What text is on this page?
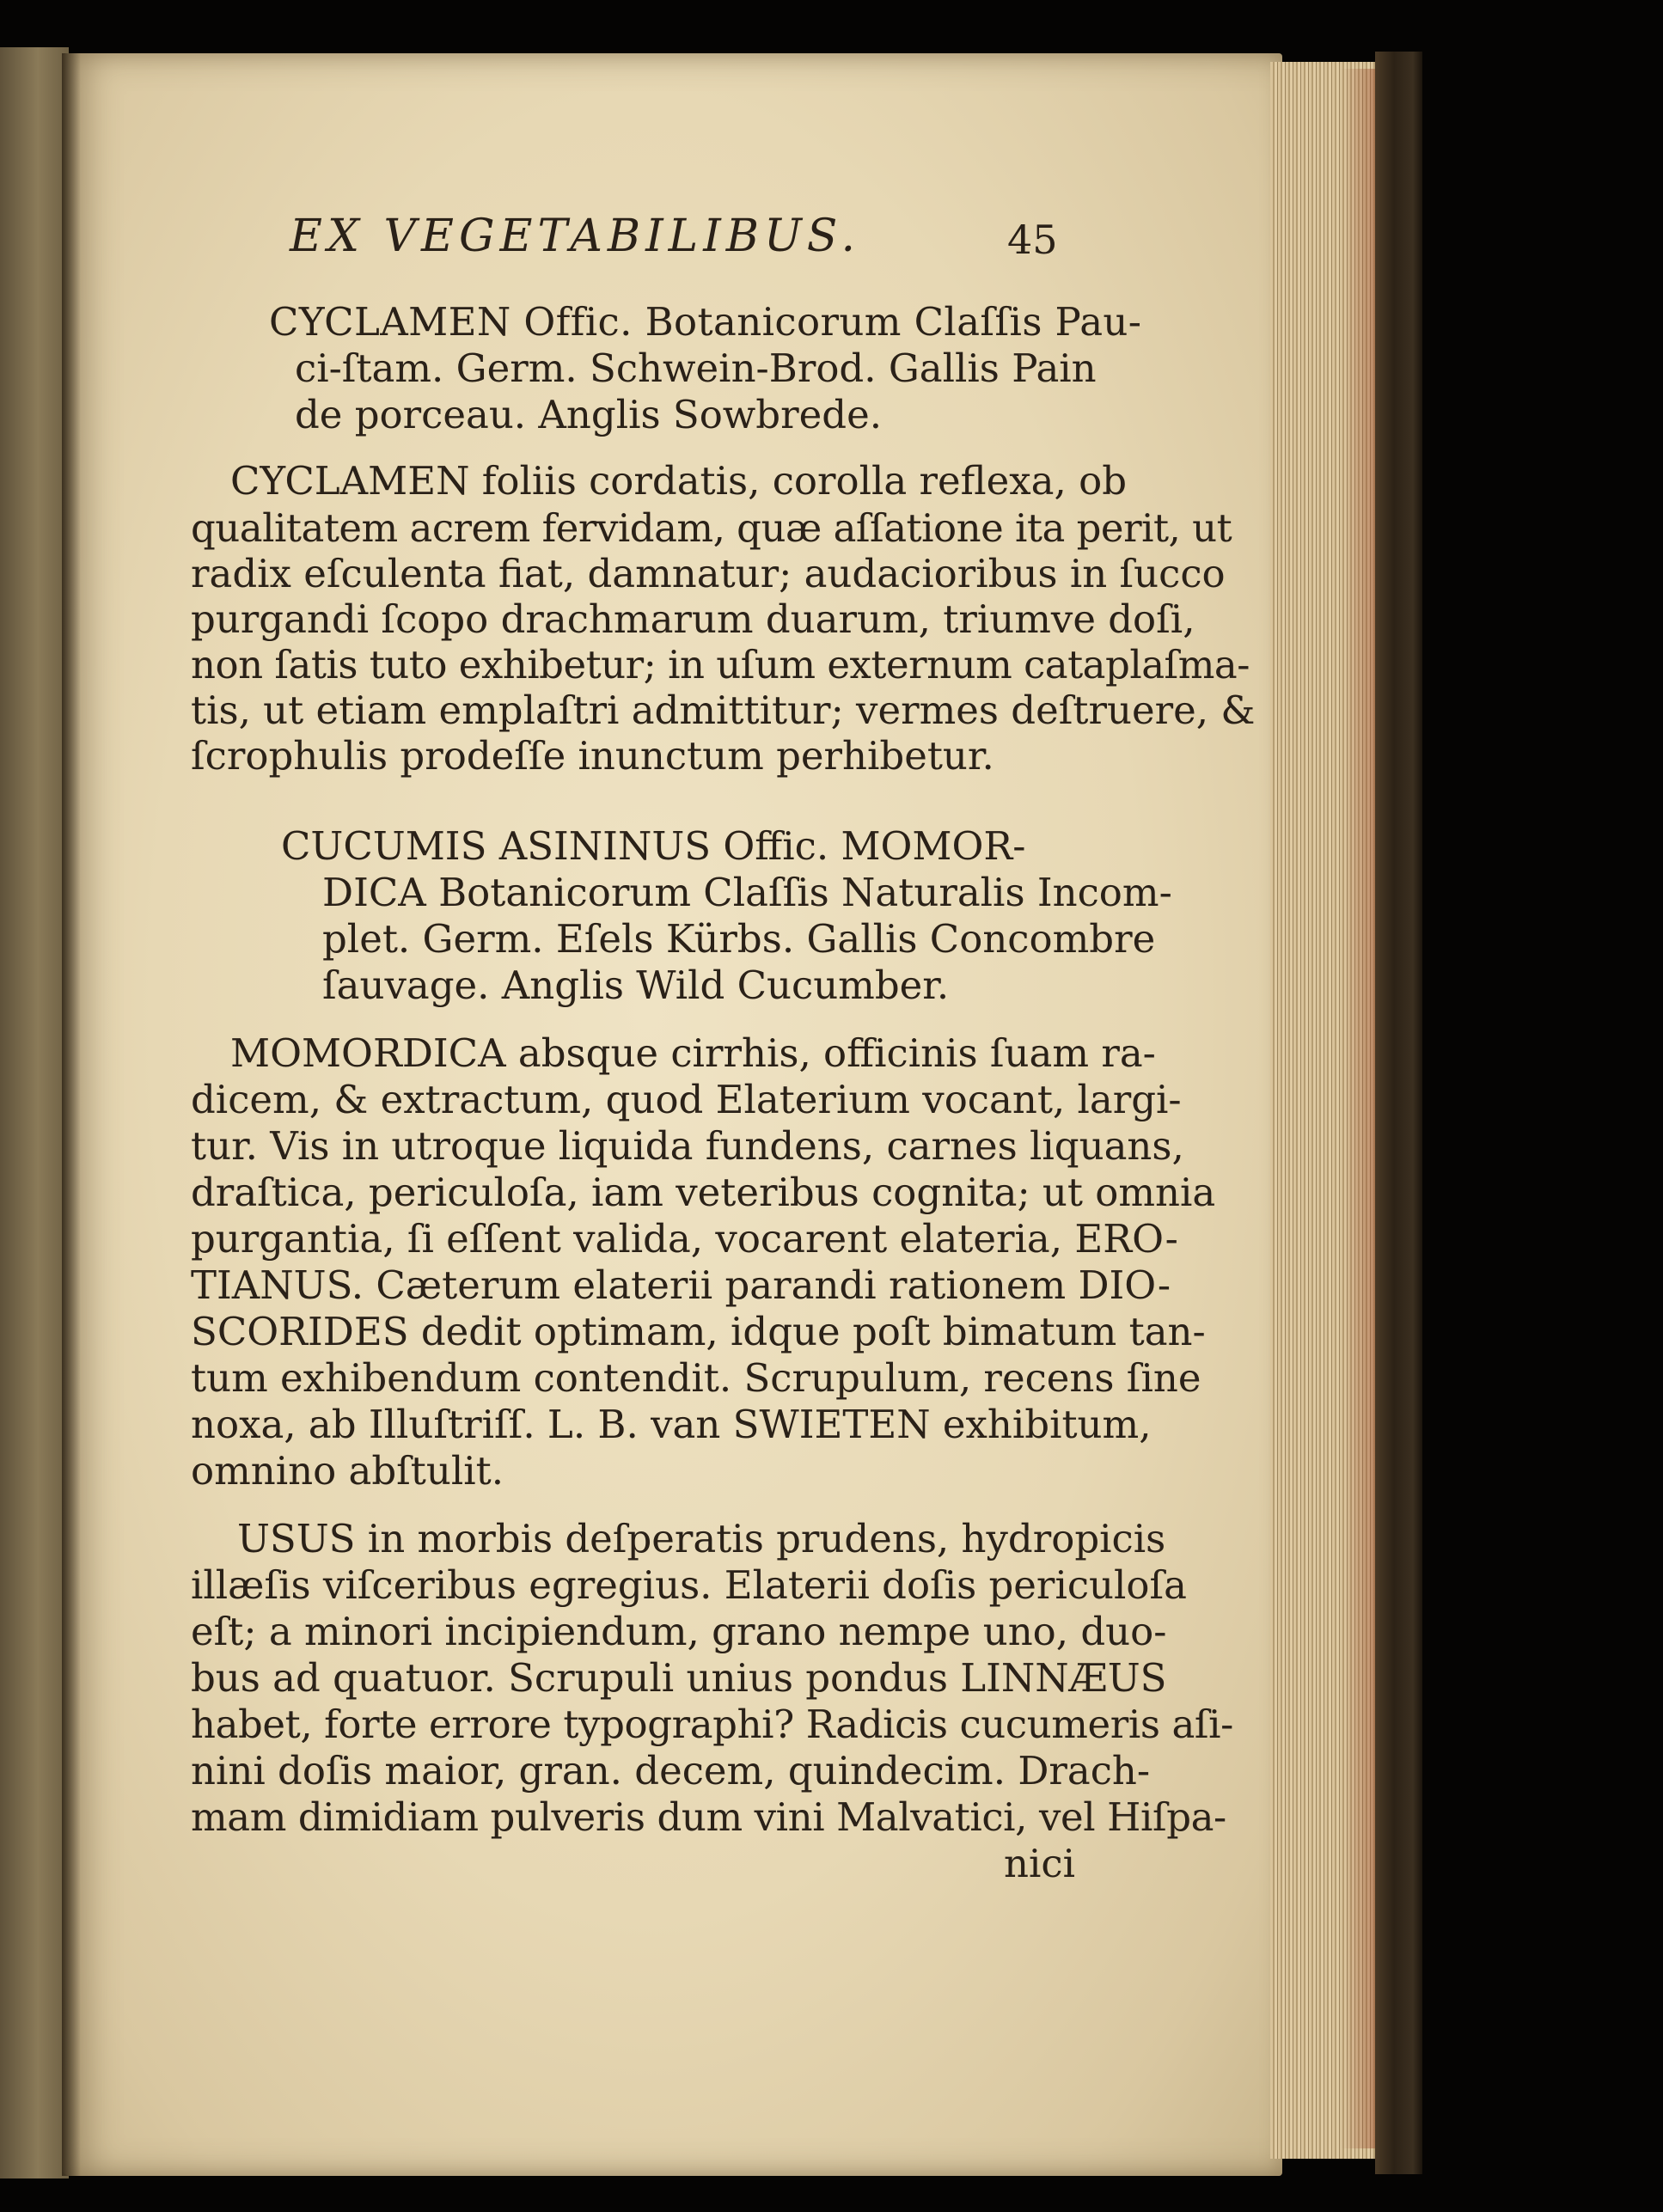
EX VEGETABILIBUS.	45
CYCLAMEN Offic. Botanicorum Claſſis Pau-
ci-ſtam. Germ. Schwein-Brod. Gallis Pain
de porceau. Anglis Sowbrede.
CYCLAMEN foliis cordatis, corolla reflexa, ob
qualitatem acrem fervidam, quæ aſſatione ita perit, ut
radix eſculenta fiat, damnatur; audacioribus in ſucco
purgandi ſcopo drachmarum duarum, triumve doſi,
non ſatis tuto exhibetur; in uſum externum cataplaſma-
tis, ut etiam emplaſtri admittitur; vermes deſtruere, &
ſcrophulis prodeſſe inunctum perhibetur.
CUCUMIS ASININUS Offic. MOMOR-
DICA Botanicorum Claſſis Naturalis Incom-
plet. Germ. Eſels Kürbs. Gallis Concombre
ſauvage. Anglis Wild Cucumber.
MOMORDICA absque cirrhis, officinis ſuam ra-
dicem, & extractum, quod Elaterium vocant, largi-
tur. Vis in utroque liquida fundens, carnes liquans,
draſtica, periculoſa, iam veteribus cognita; ut omnia
purgantia, ſi eſſent valida, vocarent elateria, ERO-
TIANUS. Cæterum elaterii parandi rationem DIO-
SCORIDES dedit optimam, idque poſt bimatum tan-
tum exhibendum contendit. Scrupulum, recens ſine
noxa, ab Illuſtriſſ. L. B. van SWIETEN exhibitum,
omnino abſtulit.
USUS in morbis deſperatis prudens, hydropicis
illæſis viſceribus egregius. Elaterii doſis periculoſa
eſt; a minori incipiendum, grano nempe uno, duo-
bus ad quatuor. Scrupuli unius pondus LINNÆUS
habet, forte errore typographi? Radicis cucumeris aſi-
nini doſis maior, gran. decem, quindecim. Drach-
mam dimidiam pulveris dum vini Malvatici, vel Hiſpa-
nici
